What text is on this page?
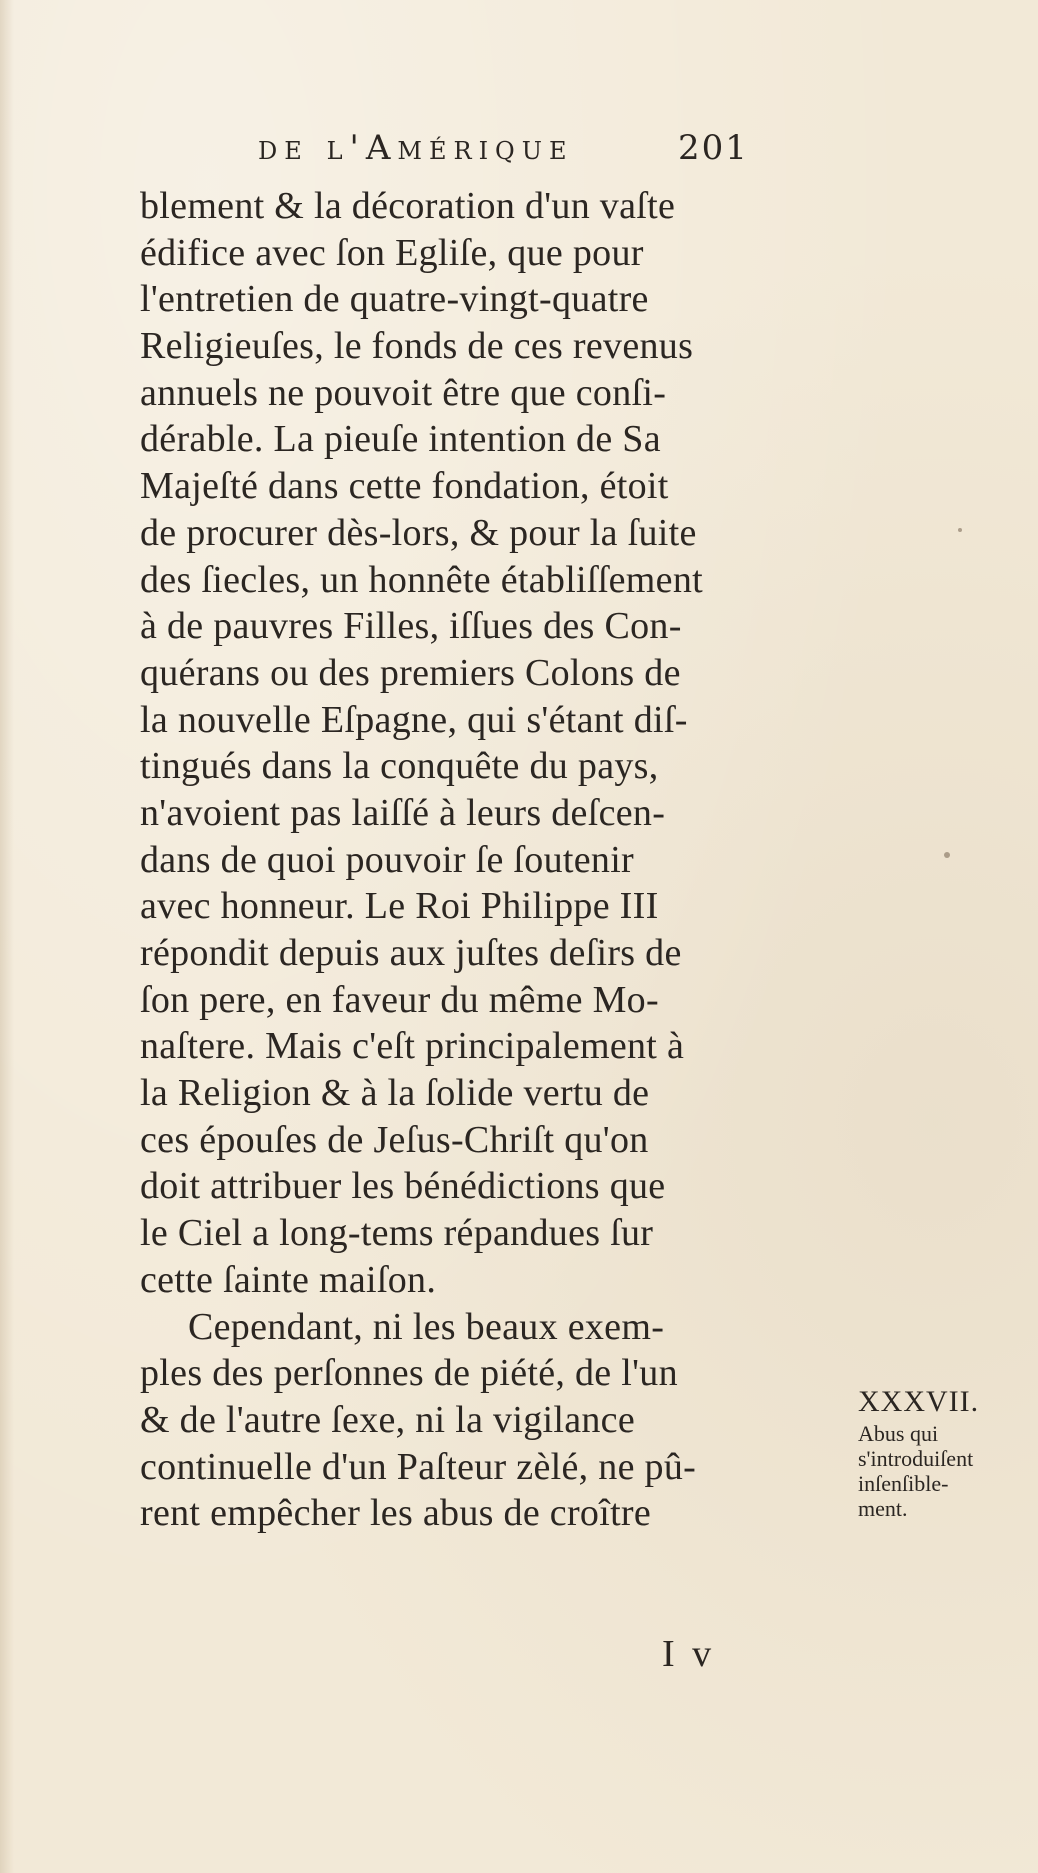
de l'Amérique	201
blement & la décoration d'un vaſte
édifice avec ſon Egliſe, que pour
l'entretien de quatre-vingt-quatre
Religieuſes, le fonds de ces revenus
annuels ne pouvoit être que conſi-
dérable. La pieuſe intention de Sa
Majeſté dans cette fondation, étoit
de procurer dès-lors, & pour la ſuite
des ſiecles, un honnête établiſſement
à de pauvres Filles, iſſues des Con-
quérans ou des premiers Colons de
la nouvelle Eſpagne, qui s'étant diſ-
tingués dans la conquête du pays,
n'avoient pas laiſſé à leurs deſcen-
dans de quoi pouvoir ſe ſoutenir
avec honneur. Le Roi Philippe III
répondit depuis aux juſtes deſirs de
ſon pere, en faveur du même Mo-
naſtere. Mais c'eſt principalement à
la Religion & à la ſolide vertu de
ces épouſes de Jeſus-Chriſt qu'on
doit attribuer les bénédictions que
le Ciel a long-tems répandues ſur
cette ſainte maiſon.
Cependant, ni les beaux exem-
ples des perſonnes de piété, de l'un
& de l'autre ſexe, ni la vigilance
continuelle d'un Paſteur zèlé, ne pû-
rent empêcher les abus de croître
XXXVII.
Abus qui
s'introduiſent
inſenſible-
ment.
I v
